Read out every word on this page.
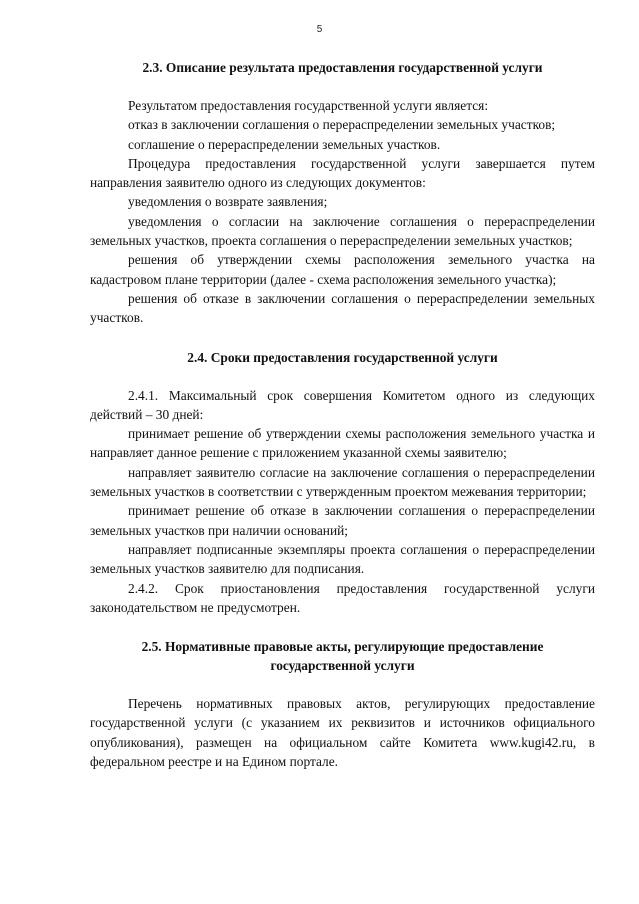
5
2.3. Описание результата предоставления государственной услуги

Результатом предоставления государственной услуги является:

отказ в заключении соглашения о перераспределении земельных участков;

соглашение о перераспределении земельных участков.

Процедура предоставления государственной услуги завершается путем направления заявителю одного из следующих документов:

уведомления о возврате заявления;

уведомления о согласии на заключение соглашения о перераспределении земельных участков, проекта соглашения о перераспределении земельных участков;

решения об утверждении схемы расположения земельного участка на кадастровом плане территории (далее - схема расположения земельного участка);

решения об отказе в заключении соглашения о перераспределении земельных участков.

2.4. Сроки предоставления государственной услуги

2.4.1. Максимальный срок совершения Комитетом одного из следующих действий – 30 дней:

принимает решение об утверждении схемы расположения земельного участка и направляет данное решение с приложением указанной схемы заявителю;

направляет заявителю согласие на заключение соглашения о перераспределении земельных участков в соответствии с утвержденным проектом межевания территории;

принимает решение об отказе в заключении соглашения о перераспределении земельных участков при наличии оснований;

направляет подписанные экземпляры проекта соглашения о перераспределении земельных участков заявителю для подписания.

2.4.2. Срок приостановления предоставления государственной услуги законодательством не предусмотрен.

2.5. Нормативные правовые акты, регулирующие предоставление
государственной услуги

Перечень нормативных правовых актов, регулирующих предоставление государственной услуги (с указанием их реквизитов и источников официального опубликования), размещен на официальном сайте Комитета www.kugi42.ru, в федеральном реестре и на Едином портале.
